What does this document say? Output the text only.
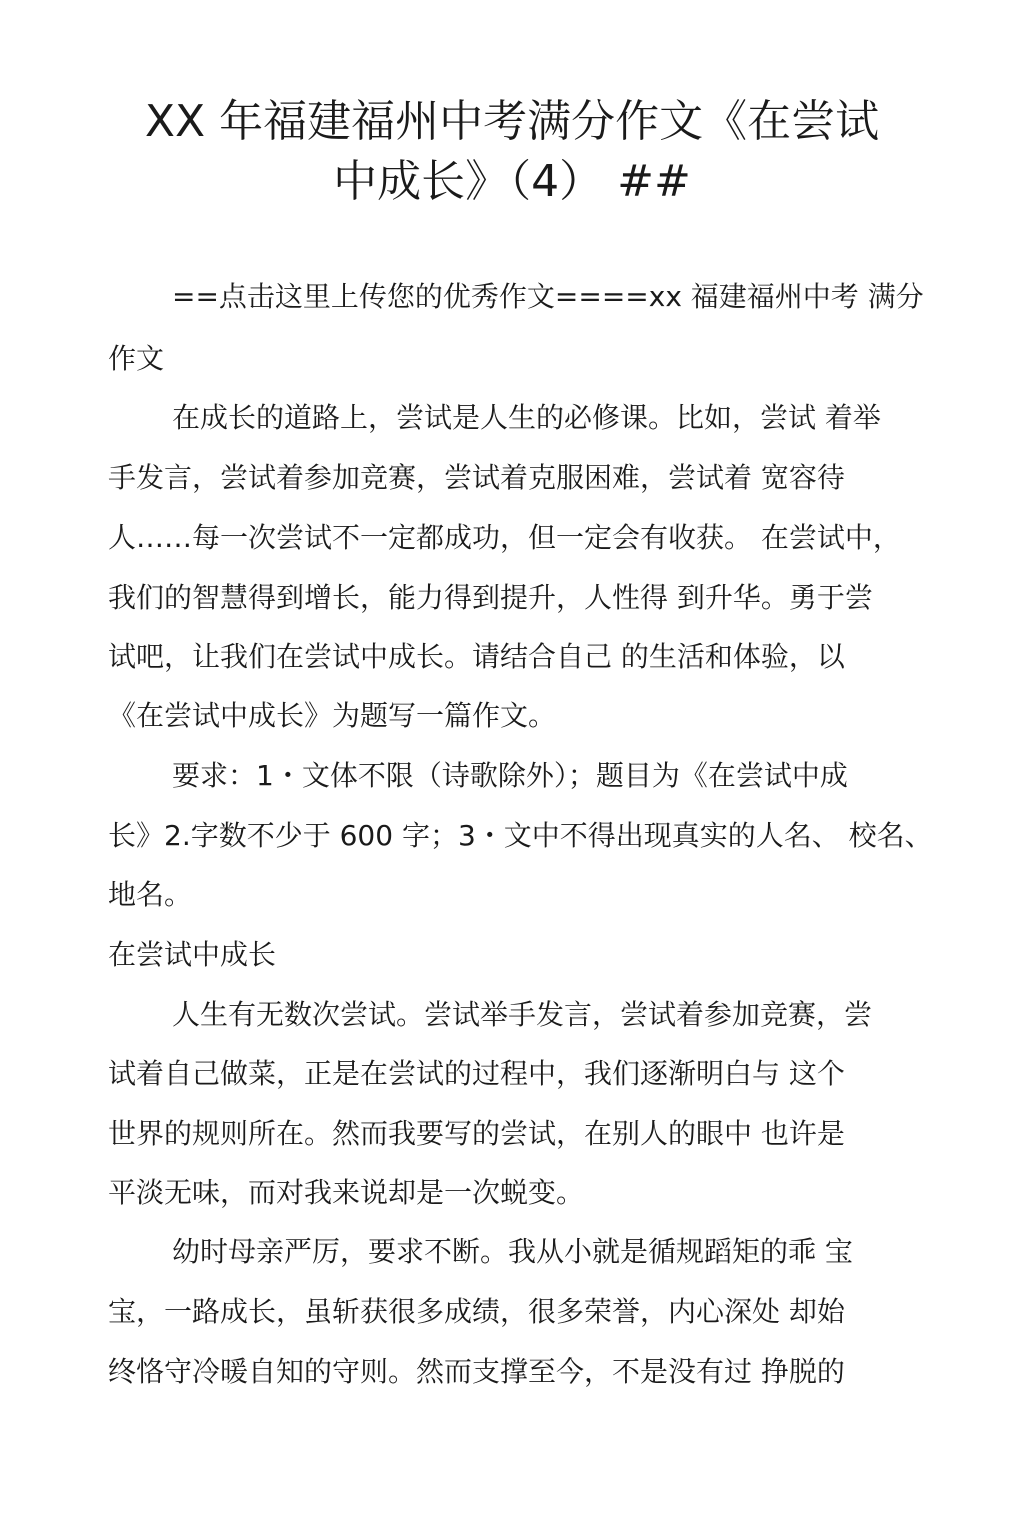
XX 年福建福州中考满分作文《在尝试
中成长》（4） ##
==点击这里上传您的优秀作文====xx 福建福州中考 满分
作文
在成长的道路上，尝试是人生的必修课。比如，尝试 着举
手发言，尝试着参加竞赛，尝试着克服困难，尝试着 宽容待
人……每一次尝试不一定都成功，但一定会有收获。 在尝试中，
我们的智慧得到增长，能力得到提升，人性得 到升华。勇于尝
试吧，让我们在尝试中成长。请结合自己 的生活和体验，以
《在尝试中成长》为题写一篇作文。
要求：1・文体不限（诗歌除外）；题目为《在尝试中成
长》2.字数不少于 600 字；3・文中不得出现真实的人名、 校名、
地名。
在尝试中成长
人生有无数次尝试。尝试举手发言，尝试着参加竞赛，尝
试着自己做菜，正是在尝试的过程中，我们逐渐明白与 这个
世界的规则所在。然而我要写的尝试，在别人的眼中 也许是
平淡无味，而对我来说却是一次蜕变。
幼时母亲严厉，要求不断。我从小就是循规蹈矩的乖 宝
宝，一路成长，虽斩获很多成绩，很多荣誉，内心深处 却始
终恪守冷暖自知的守则。然而支撑至今，不是没有过 挣脱的
